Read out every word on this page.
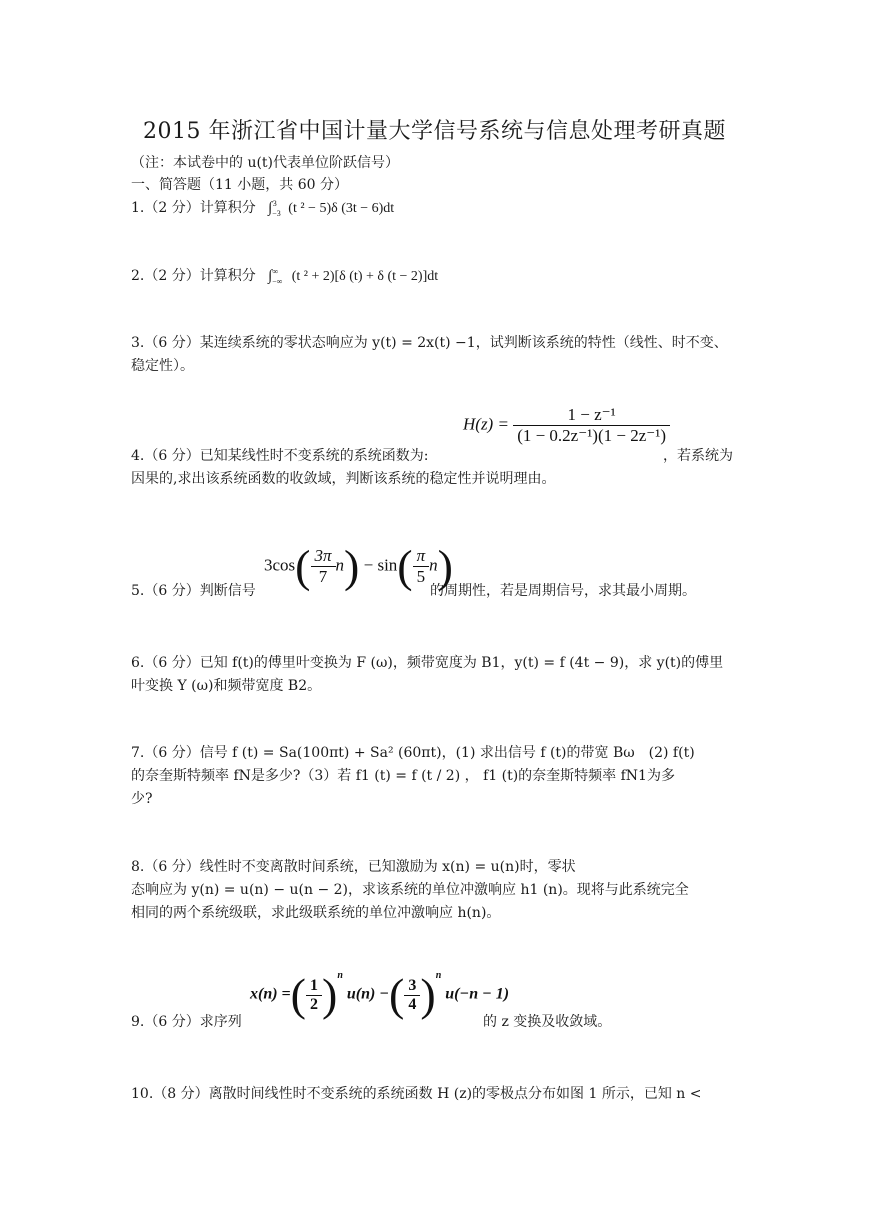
2015 年浙江省中国计量大学信号系统与信息处理考研真题
（注：本试卷中的 u(t)代表单位阶跃信号）
一、简答题（11 小题，共 60 分）
1.（2 分）计算积分 $\int_{-3}^3$ (t ² − 5)δ (3t − 6)dt
2.（2 分）计算积分 $\int_{-\infty}^\infty$ (t ² + 2)[δ (t) + δ (t − 2)]dt
3.（6 分）某连续系统的零状态响应为 y(t) = 2x(t) −1，试判断该系统的特性（线性、时不变、稳定性）。
$H(z) = \frac{\text{1 − z⁻¹}}{\text{(1 − 0.2z⁻¹)(1 − 2z⁻¹)}}$
4.（6 分）已知某线性时不变系统的系统函数为:	，若系统为
因果的,求出该系统函数的收敛域，判断该系统的稳定性并说明理由。
$3\cos( \frac{3\pi}{7} n) - \sin( \frac{\pi}{5} n)$
5.（6 分）判断信号	的周期性，若是周期信号，求其最小周期。
6.（6 分）已知 f(t)的傅里叶变换为 F (ω)，频带宽度为 B1，y(t) = f (4t − 9)，求 y(t)的傅里叶变换 Y (ω)和频带宽度 B2。
7.（6 分）信号 f (t) = Sa(100πt) + Sa² (60πt)，(1) 求出信号 f (t)的带宽 Bω　(2) f(t)
的奈奎斯特频率 fN是多少?（3）若 f1 (t) = f (t / 2) ， f1 (t)的奈奎斯特频率 fN1为多
少?
8.（6 分）线性时不变离散时间系统，已知激励为 x(n) = u(n)时，零状
态响应为 y(n) = u(n) − u(n − 2)，求该系统的单位冲激响应 h1 (n)。现将与此系统完全
相同的两个系统级联，求此级联系统的单位冲激响应 h(n)。
x(n) =( $\frac{1}{2} )^n$ u(n) −( $\frac{3}{4} )^n$ u(−n − 1)
9.（6 分）求序列	的 z 变换及收敛域。
10.（8 分）离散时间线性时不变系统的系统函数 H (z)的零极点分布如图 1 所示，已知 n <
